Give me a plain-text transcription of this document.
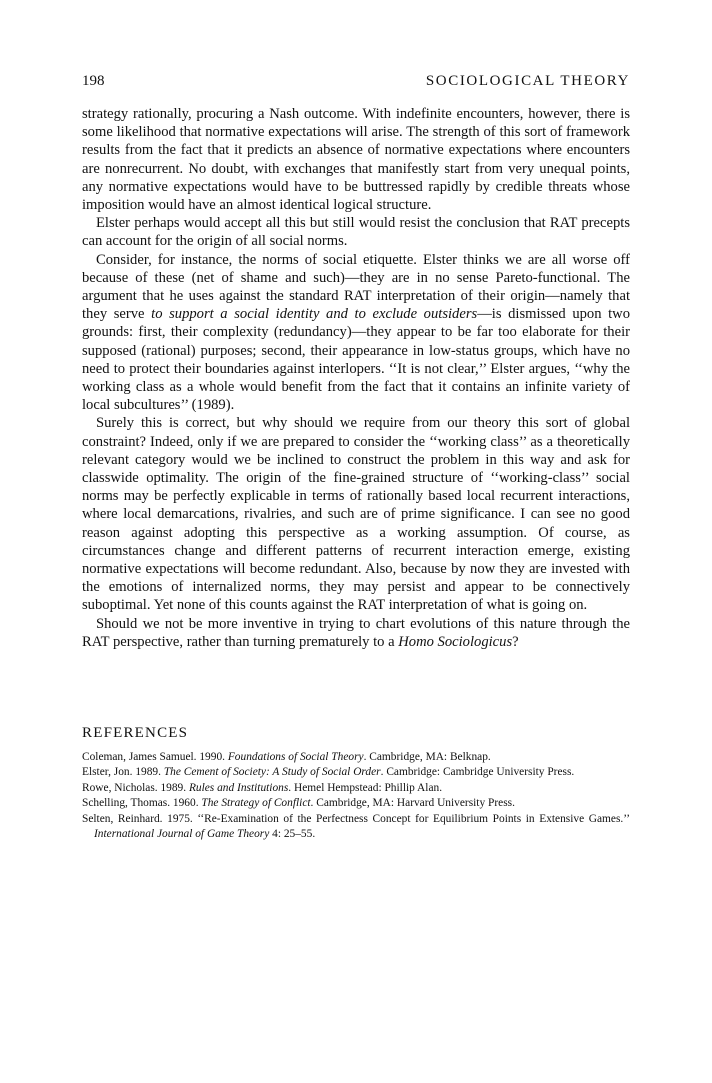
198	SOCIOLOGICAL THEORY

strategy rationally, procuring a Nash outcome. With indefinite encounters, however, there is some likelihood that normative expectations will arise. The strength of this sort of framework results from the fact that it predicts an absence of normative expectations where encounters are nonrecurrent. No doubt, with exchanges that manifestly start from very unequal points, any normative expectations would have to be buttressed rapidly by credible threats whose imposition would have an almost identical logical structure.

Elster perhaps would accept all this but still would resist the conclusion that RAT precepts can account for the origin of all social norms.

Consider, for instance, the norms of social etiquette. Elster thinks we are all worse off because of these (net of shame and such)—they are in no sense Pareto-functional. The argument that he uses against the standard RAT interpretation of their origin—namely that they serve to support a social identity and to exclude outsiders—is dismissed upon two grounds: first, their complexity (redundancy)—they appear to be far too elaborate for their supposed (rational) purposes; second, their appearance in low-status groups, which have no need to protect their boundaries against interlopers. ‘‘It is not clear,’’ Elster argues, ‘‘why the working class as a whole would benefit from the fact that it contains an infinite variety of local subcultures’’ (1989).

Surely this is correct, but why should we require from our theory this sort of global constraint? Indeed, only if we are prepared to consider the ‘‘working class’’ as a theoretically relevant category would we be inclined to construct the problem in this way and ask for classwide optimality. The origin of the fine-grained structure of ‘‘working-class’’ social norms may be perfectly explicable in terms of rationally based local recurrent interactions, where local demarcations, rivalries, and such are of prime significance. I can see no good reason against adopting this perspective as a working assumption. Of course, as circumstances change and different patterns of recurrent interaction emerge, existing normative expectations will become redundant. Also, because by now they are invested with the emotions of internalized norms, they may persist and appear to be connectively suboptimal. Yet none of this counts against the RAT interpretation of what is going on.

Should we not be more inventive in trying to chart evolutions of this nature through the RAT perspective, rather than turning prematurely to a Homo Sociologicus?

REFERENCES
Coleman, James Samuel. 1990. Foundations of Social Theory. Cambridge, MA: Belknap.
Elster, Jon. 1989. The Cement of Society: A Study of Social Order. Cambridge: Cambridge University Press.
Rowe, Nicholas. 1989. Rules and Institutions. Hemel Hempstead: Phillip Alan.
Schelling, Thomas. 1960. The Strategy of Conflict. Cambridge, MA: Harvard University Press.
Selten, Reinhard. 1975. ‘‘Re-Examination of the Perfectness Concept for Equilibrium Points in Extensive Games.’’ International Journal of Game Theory 4: 25–55.
